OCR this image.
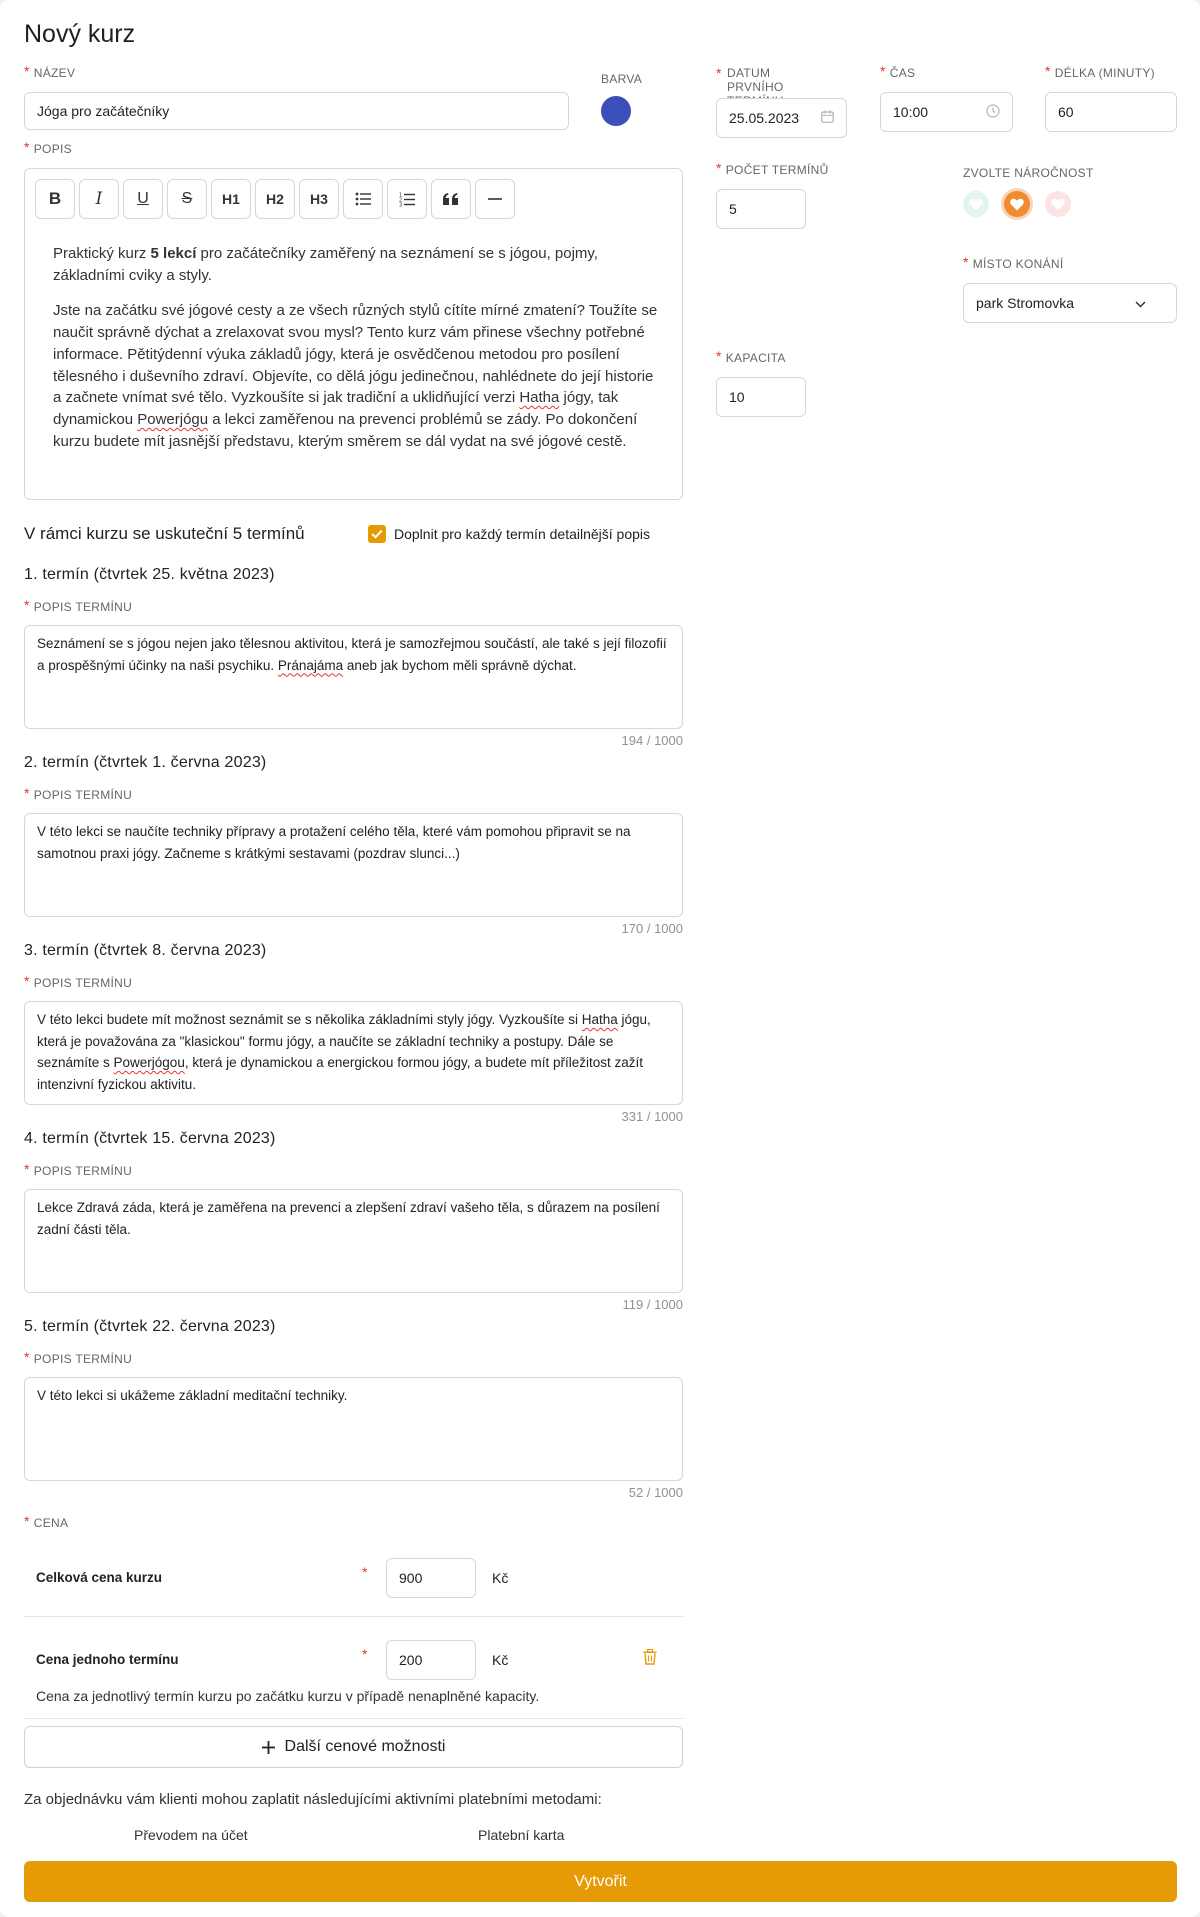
Nový kurz
* NÁZEV
Jóga pro začátečníky
BARVA
* POPIS
B	I	U	S	H1	H2	H3	1
2
3

Praktický kurz 5 lekcí pro začátečníky zaměřený na seznámení se s jógou, pojmy, základními cviky a styly.

Jste na začátku své jógové cesty a ze všech různých stylů cítíte mírné zmatení? Toužíte se naučit správně dýchat a zrelaxovat svou mysl? Tento kurz vám přinese všechny potřebné informace. Pětitýdenní výuka základů jógy, která je osvědčenou metodou pro posílení tělesného i duševního zdraví. Objevíte, co dělá jógu jedinečnou, nahlédnete do její historie a začnete vnímat své tělo. Vyzkoušíte si jak tradiční a uklidňující verzi Hatha jógy, tak dynamickou Powerjógu a lekci zaměřenou na prevenci problémů se zády. Po dokončení kurzu budete mít jasnější představu, kterým směrem se dál vydat na své jógové cestě.

* DATUM PRVNÍHO
25.05.2023
* ČAS
10:00
* DÉLKA (MINUTY)
60
* POČET TERMÍNŮ
5
ZVOLTE NÁROČNOST
* MÍSTO KONÁNÍ
park Stromovka
* KAPACITA
10
V rámci kurzu se uskuteční 5 termínů	Doplnit pro každý termín detailnější popis
1. termín (čtvrtek 25. května 2023)
* POPIS TERMÍNU
Seznámení se s jógou nejen jako tělesnou aktivitou, která je samozřejmou součástí, ale také s její filozofií a prospěšnými účinky na naši psychiku. Pránajáma aneb jak bychom měli správně dýchat.
194 / 1000
2. termín (čtvrtek 1. června 2023)
* POPIS TERMÍNU
V této lekci se naučíte techniky přípravy a protažení celého těla, které vám pomohou připravit se na samotnou praxi jógy. Začneme s krátkými sestavami (pozdrav slunci...)
170 / 1000
3. termín (čtvrtek 8. června 2023)
* POPIS TERMÍNU
V této lekci budete mít možnost seznámit se s několika základními styly jógy. Vyzkoušíte si Hatha jógu, která je považována za "klasickou" formu jógy, a naučíte se základní techniky a postupy. Dále se seznámíte s Powerjógou, která je dynamickou a energickou formou jógy, a budete mít příležitost zažít intenzivní fyzickou aktivitu.
331 / 1000
4. termín (čtvrtek 15. června 2023)
* POPIS TERMÍNU
Lekce Zdravá záda, která je zaměřena na prevenci a zlepšení zdraví vašeho těla, s důrazem na posílení zadní části těla.
119 / 1000
5. termín (čtvrtek 22. června 2023)
* POPIS TERMÍNU
V této lekci si ukážeme základní meditační techniky.
52 / 1000
* CENA
Celková cena kurzu	* 900	Kč
Cena jednoho termínu	* 200	Kč
Cena za jednotlivý termín kurzu po začátku kurzu v případě nenaplněné kapacity.
Další cenové možnosti
Za objednávku vám klienti mohou zaplatit následujícími aktivními platebními metodami:
Převodem na účet	Platební karta
Vytvořit
